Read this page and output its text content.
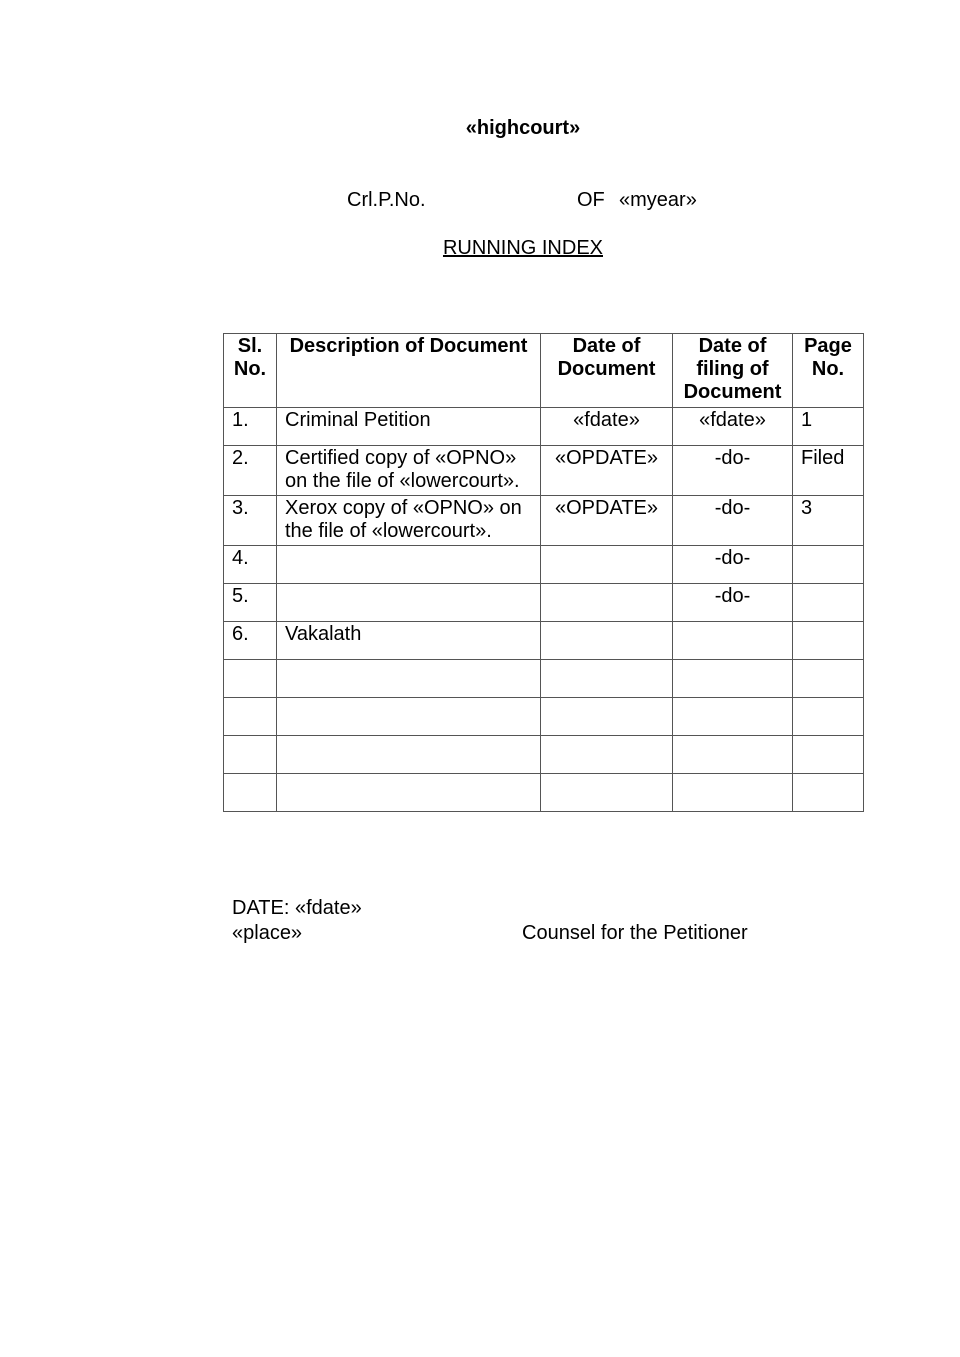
«highcourt»
Crl.P.No.	OF «myear»
RUNNING INDEX
Sl. No.	Description of Document	Date of Document	Date of filing of Document	Page No.
1.	Criminal Petition	«fdate»	«fdate»	1
2.	Certified copy of «OPNO» on the file of «lowercourt».	«OPDATE»	-do-	Filed
3.	Xerox copy of «OPNO» on the file of «lowercourt».	«OPDATE»	-do-	3
4.			-do-	
5.			-do-	
6.	Vakalath			

DATE: «fdate»
«place»	Counsel for the Petitioner
